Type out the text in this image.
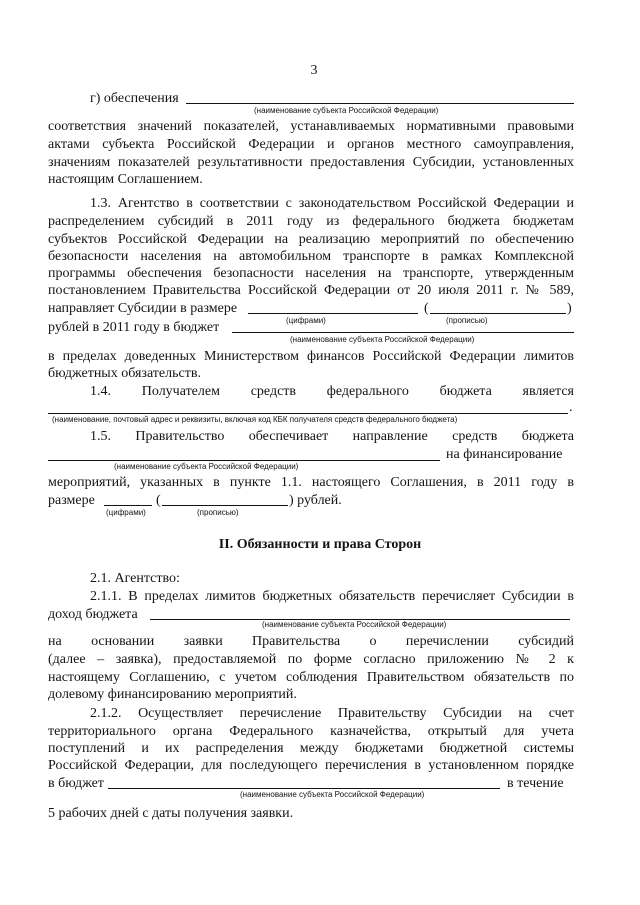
3
г) обеспечения
(наименование субъекта Российской Федерации)
соответствия значений показателей, устанавливаемых нормативными правовыми
актами субъекта Российской Федерации и органов местного самоуправления,
значениям показателей результативности предоставления Субсидии, установленных
настоящим Соглашением.
1.3. Агентство в соответствии с законодательством Российской Федерации и
распределением субсидий в 2011 году из федерального бюджета бюджетам
субъектов Российской Федерации на реализацию мероприятий по обеспечению
безопасности населения на автомобильном транспорте в рамках Комплексной
программы обеспечения безопасности населения на транспорте, утвержденным
постановлением Правительства Российской Федерации от 20 июля 2011 г. № 589,
направляет Субсидии в размере	(	)
(цифрами)	(прописью)
рублей в 2011 году в бюджет
(наименование субъекта Российской Федерации)
в пределах доведенных Министерством финансов Российской Федерации лимитов
бюджетных обязательств.
1.4. Получателем средств федерального бюджета является
.
(наименование, почтовый адрес и реквизиты, включая код КБК получателя средств федерального бюджета)
1.5. Правительство обеспечивает направление средств бюджета
на финансирование
(наименование субъекта Российской Федерации)
мероприятий, указанных в пункте 1.1. настоящего Соглашения, в 2011 году в
размере	(	) рублей.
(цифрами)	(прописью)
II. Обязанности и права Сторон
2.1. Агентство:
2.1.1. В пределах лимитов бюджетных обязательств перечисляет Субсидии в
доход бюджета
(наименование субъекта Российской Федерации)
на основании заявки Правительства о перечислении субсидий
(далее – заявка), предоставляемой по форме согласно приложению № 2 к
настоящему Соглашению, с учетом соблюдения Правительством обязательств по
долевому финансированию мероприятий.
2.1.2. Осуществляет перечисление Правительству Субсидии на счет
территориального органа Федерального казначейства, открытый для учета
поступлений и их распределения между бюджетами бюджетной системы
Российской Федерации, для последующего перечисления в установленном порядке
в бюджет	в течение
(наименование субъекта Российской Федерации)
5 рабочих дней с даты получения заявки.
